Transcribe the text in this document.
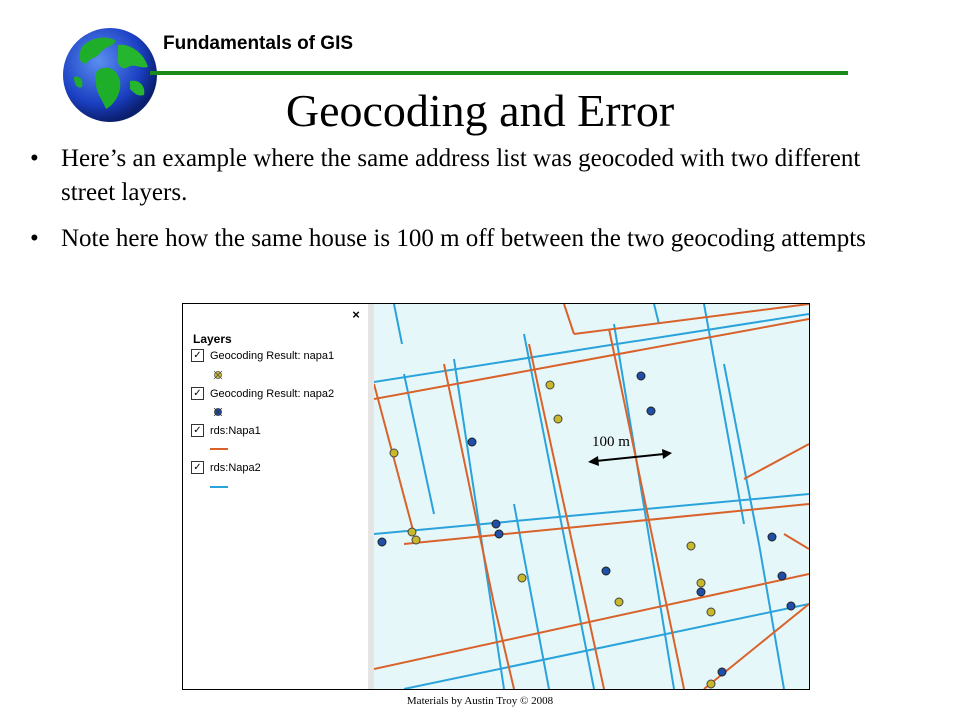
Fundamentals of GIS
Geocoding and Error
• Here’s an example where the same address list was geocoded with two different street layers.
• Note here how the same house is 100 m off between the two geocoding attempts
×
Layers
✓ Geocoding Result: napa1
✓ Geocoding Result: napa2
✓ rds:Napa1
✓ rds:Napa2
100 m
Materials by Austin Troy © 2008
